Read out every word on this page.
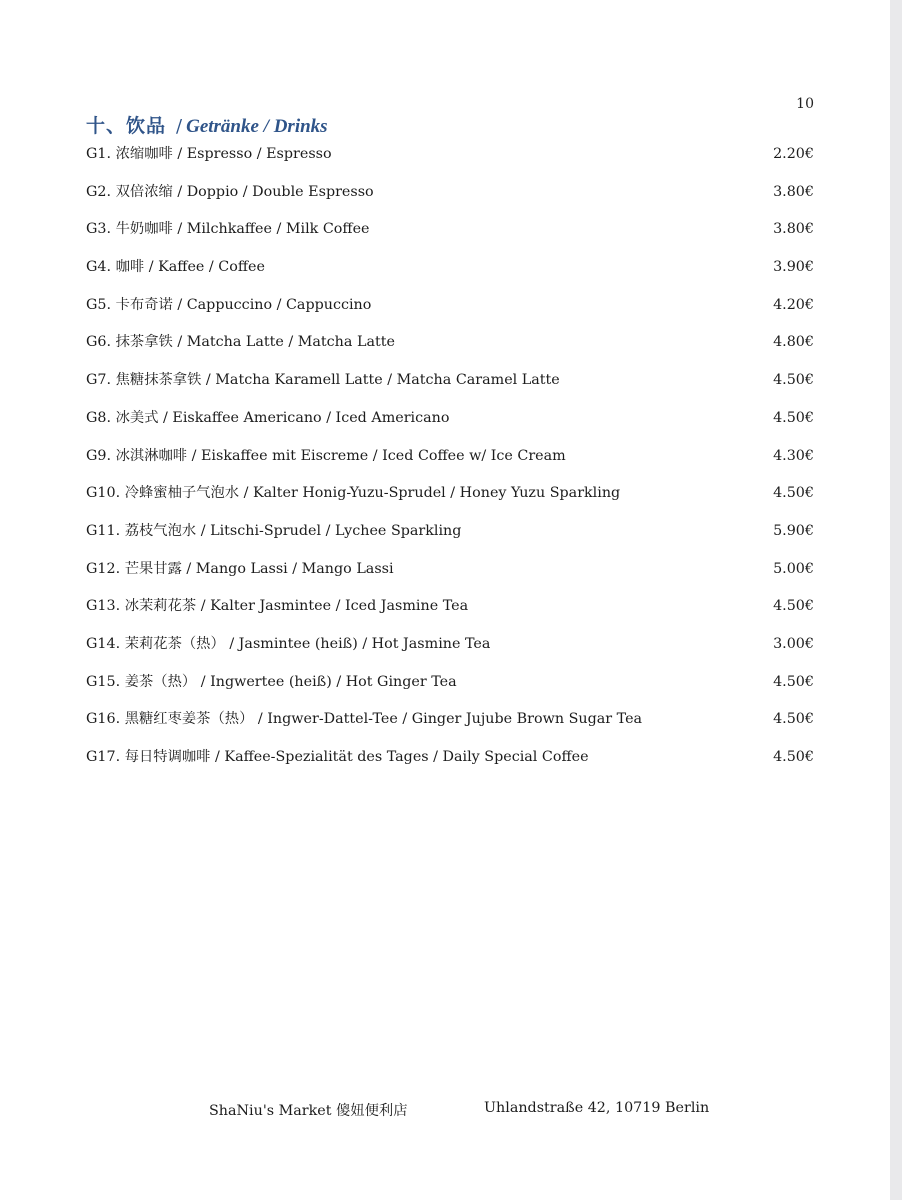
10
十、饮品 / Getränke / Drinks
G1. 浓缩咖啡 / Espresso / Espresso	2.20€
G2. 双倍浓缩 / Doppio / Double Espresso	3.80€
G3. 牛奶咖啡 / Milchkaffee / Milk Coffee	3.80€
G4. 咖啡 / Kaffee / Coffee	3.90€
G5. 卡布奇诺 / Cappuccino / Cappuccino	4.20€
G6. 抹茶拿铁 / Matcha Latte / Matcha Latte	4.80€
G7. 焦糖抹茶拿铁 / Matcha Karamell Latte / Matcha Caramel Latte	4.50€
G8. 冰美式 / Eiskaffee Americano / Iced Americano	4.50€
G9. 冰淇淋咖啡 / Eiskaffee mit Eiscreme / Iced Coffee w/ Ice Cream	4.30€
G10. 冷蜂蜜柚子气泡水 / Kalter Honig-Yuzu-Sprudel / Honey Yuzu Sparkling	4.50€
G11. 荔枝气泡水 / Litschi-Sprudel / Lychee Sparkling	5.90€
G12. 芒果甘露 / Mango Lassi / Mango Lassi	5.00€
G13. 冰茉莉花茶 / Kalter Jasmintee / Iced Jasmine Tea	4.50€
G14. 茉莉花茶（热） / Jasmintee (heiß) / Hot Jasmine Tea	3.00€
G15. 姜茶（热） / Ingwertee (heiß) / Hot Ginger Tea	4.50€
G16. 黑糖红枣姜茶（热） / Ingwer-Dattel-Tee / Ginger Jujube Brown Sugar Tea	4.50€
G17. 每日特调咖啡 / Kaffee-Spezialität des Tages / Daily Special Coffee	4.50€
ShaNiu's Market 傻妞便利店	Uhlandstraße 42, 10719 Berlin
